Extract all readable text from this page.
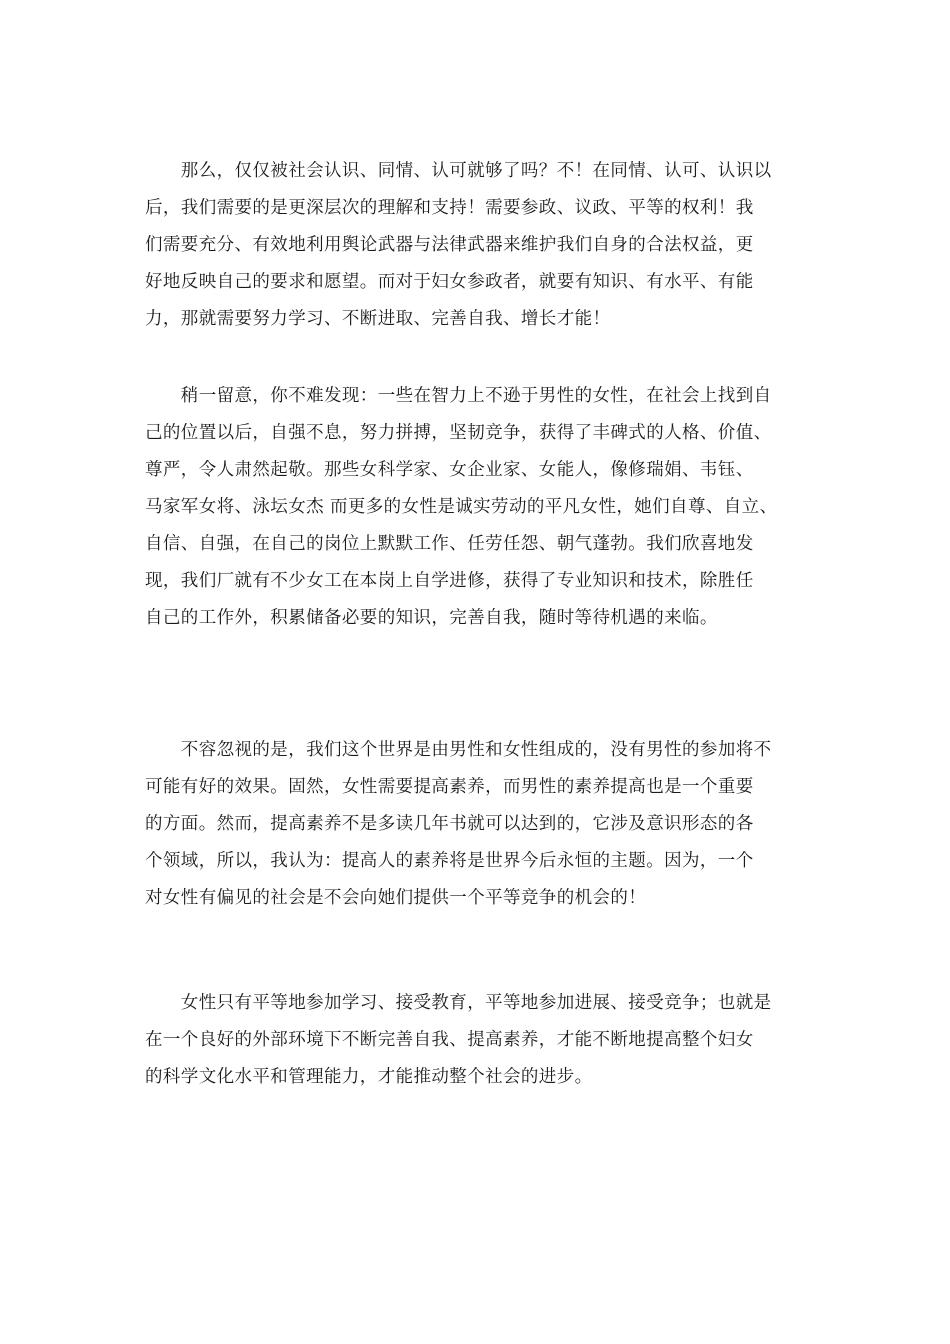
　　那么，仅仅被社会认识、同情、认可就够了吗？不！在同情、认可、认识以
后，我们需要的是更深层次的理解和支持！需要参政、议政、平等的权利！我
们需要充分、有效地利用舆论武器与法律武器来维护我们自身的合法权益，更
好地反映自己的要求和愿望。而对于妇女参政者，就要有知识、有水平、有能
力，那就需要努力学习、不断进取、完善自我、增长才能！
　　稍一留意，你不难发现：一些在智力上不逊于男性的女性，在社会上找到自
己的位置以后，自强不息，努力拼搏，坚韧竞争，获得了丰碑式的人格、价值、
尊严，令人肃然起敬。那些女科学家、女企业家、女能人，像修瑞娟、韦钰、
马家军女将、泳坛女杰 而更多的女性是诚实劳动的平凡女性，她们自尊、自立、
自信、自强，在自己的岗位上默默工作、任劳任怨、朝气蓬勃。我们欣喜地发
现，我们厂就有不少女工在本岗上自学进修，获得了专业知识和技术，除胜任
自己的工作外，积累储备必要的知识，完善自我，随时等待机遇的来临。
　　不容忽视的是，我们这个世界是由男性和女性组成的，没有男性的参加将不
可能有好的效果。固然，女性需要提高素养，而男性的素养提高也是一个重要
的方面。然而，提高素养不是多读几年书就可以达到的，它涉及意识形态的各
个领域，所以，我认为：提高人的素养将是世界今后永恒的主题。因为，一个
对女性有偏见的社会是不会向她们提供一个平等竞争的机会的！
　　女性只有平等地参加学习、接受教育，平等地参加进展、接受竞争；也就是
在一个良好的外部环境下不断完善自我、提高素养，才能不断地提高整个妇女
的科学文化水平和管理能力，才能推动整个社会的进步。
